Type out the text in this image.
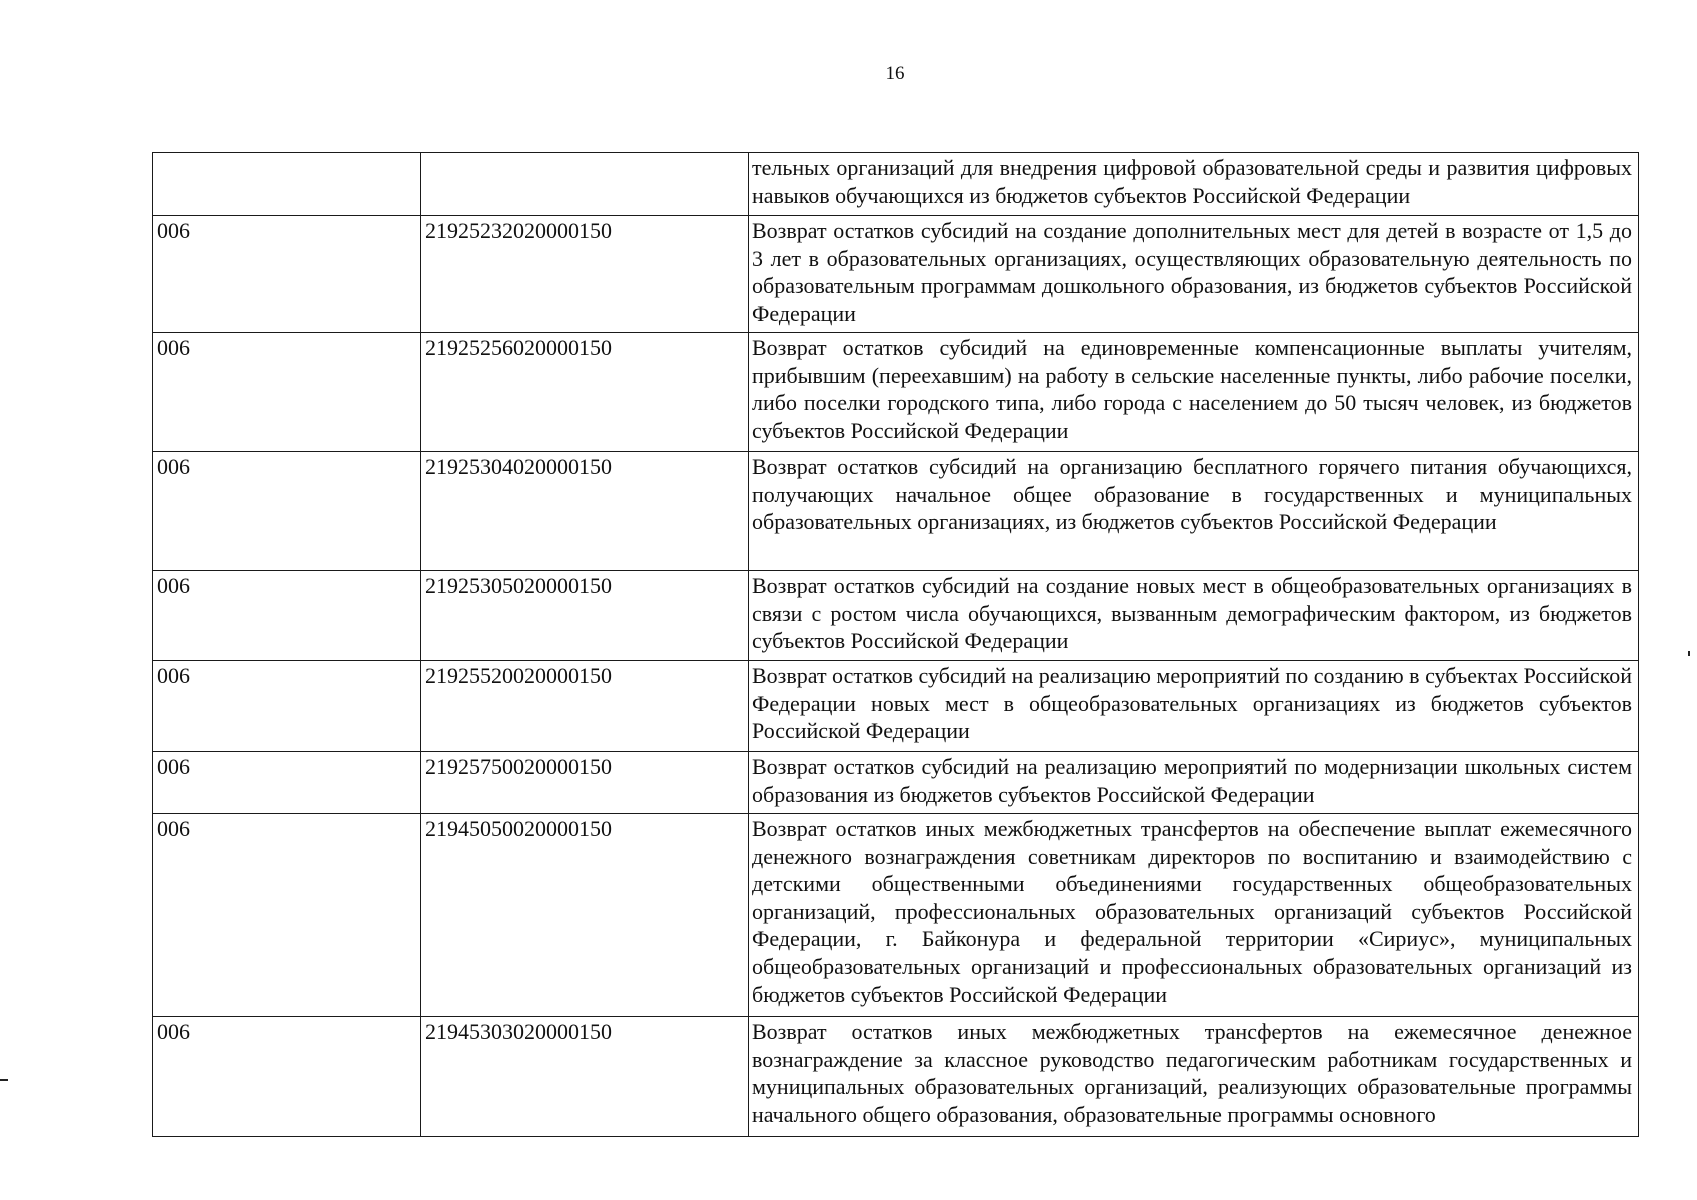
16
		тельных организаций для внедрения цифровой образовательной среды и развития цифровых навыков обучающихся из бюджетов субъектов Российской Федерации
006	21925232020000150	Возврат остатков субсидий на создание дополнительных мест для детей в возрасте от 1,5 до 3 лет в образовательных организациях, осуществляющих образовательную деятельность по образовательным программам дошкольного образования, из бюджетов субъектов Российской Федерации
006	21925256020000150	Возврат остатков субсидий на единовременные компенсационные выплаты учителям, прибывшим (переехавшим) на работу в сельские населенные пункты, либо рабочие поселки, либо поселки городского типа, либо города с населением до 50 тысяч человек, из бюджетов субъектов Российской Федерации
006	21925304020000150	Возврат остатков субсидий на организацию бесплатного горячего питания обучающихся, получающих начальное общее образование в государственных и муниципальных образовательных организациях, из бюджетов субъектов Российской Федерации
006	21925305020000150	Возврат остатков субсидий на создание новых мест в общеобразовательных организациях в связи с ростом числа обучающихся, вызванным демографическим фактором, из бюджетов субъектов Российской Федерации
006	21925520020000150	Возврат остатков субсидий на реализацию мероприятий по созданию в субъектах Российской Федерации новых мест в общеобразовательных организациях из бюджетов субъектов Российской Федерации
006	21925750020000150	Возврат остатков субсидий на реализацию мероприятий по модернизации школьных систем образования из бюджетов субъектов Российской Федерации
006	21945050020000150	Возврат остатков иных межбюджетных трансфертов на обеспечение выплат ежемесячного денежного вознаграждения советникам директоров по воспитанию и взаимодействию с детскими общественными объединениями государственных общеобразовательных организаций, профессиональных образовательных организаций субъектов Российской Федерации, г. Байконура и федеральной территории «Сириус», муниципальных общеобразовательных организаций и профессиональных образовательных организаций из бюджетов субъектов Российской Федерации
006	21945303020000150	Возврат остатков иных межбюджетных трансфертов на ежемесячное денежное вознаграждение за классное руководство педагогическим работникам государственных и муниципальных образовательных организаций, реализующих образовательные программы начального общего образования, образовательные программы основного
